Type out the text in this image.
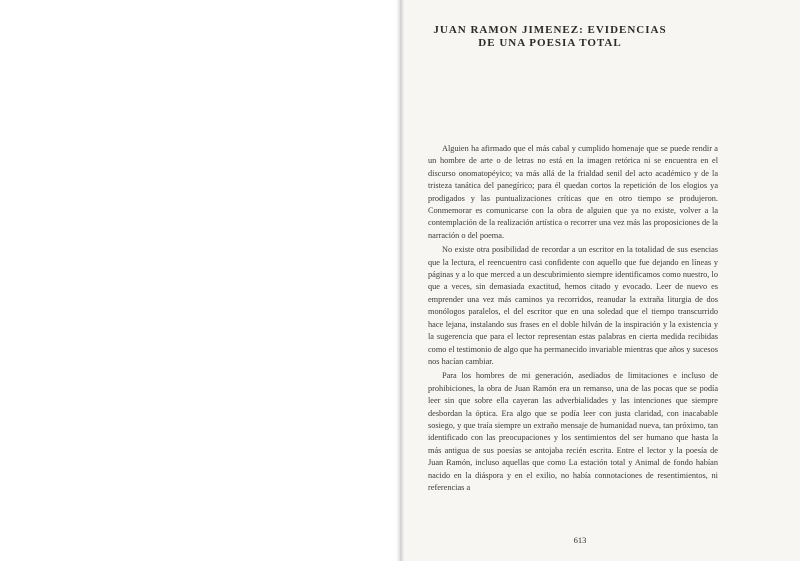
JUAN RAMON JIMENEZ: EVIDENCIAS
DE UNA POESIA TOTAL

Alguien ha afirmado que el más cabal y cumplido homenaje que se puede rendir a un hombre de arte o de letras no está en la imagen retórica ni se encuentra en el discurso onomatopéyico; va más allá de la frialdad senil del acto académico y de la tristeza tanática del panegírico; para él quedan cortos la repetición de los elogios ya prodigados y las puntualizaciones críticas que en otro tiempo se produjeron. Conmemorar es comunicarse con la obra de alguien que ya no existe, volver a la contemplación de la realización artística o recorrer una vez más las proposiciones de la narración o del poema.

No existe otra posibilidad de recordar a un escritor en la totalidad de sus esencias que la lectura, el reencuentro casi confidente con aquello que fue dejando en líneas y páginas y a lo que merced a un descubrimiento siempre identificamos como nuestro, lo que a veces, sin demasiada exactitud, hemos citado y evocado. Leer de nuevo es emprender una vez más caminos ya recorridos, reanudar la extraña liturgia de dos monólogos paralelos, el del escritor que en una soledad que el tiempo transcurrido hace lejana, instalando sus frases en el doble hilván de la inspiración y la existencia y la sugerencia que para el lector representan estas palabras en cierta medida recibidas como el testimonio de algo que ha permanecido invariable mientras que años y sucesos nos hacían cambiar.

Para los hombres de mi generación, asediados de limitaciones e incluso de prohibiciones, la obra de Juan Ramón era un remanso, una de las pocas que se podía leer sin que sobre ella cayeran las adverbialidades y las intenciones que siempre desbordan la óptica. Era algo que se podía leer con justa claridad, con inacabable sosiego, y que traía siempre un extraño mensaje de humanidad nueva, tan próximo, tan identificado con las preocupaciones y los sentimientos del ser humano que hasta la más antigua de sus poesías se antojaba recién escrita. Entre el lector y la poesía de Juan Ramón, incluso aquellas que como La estación total y Animal de fondo habían nacido en la diáspora y en el exilio, no había connotaciones de resentimientos, ni referencias a

613
